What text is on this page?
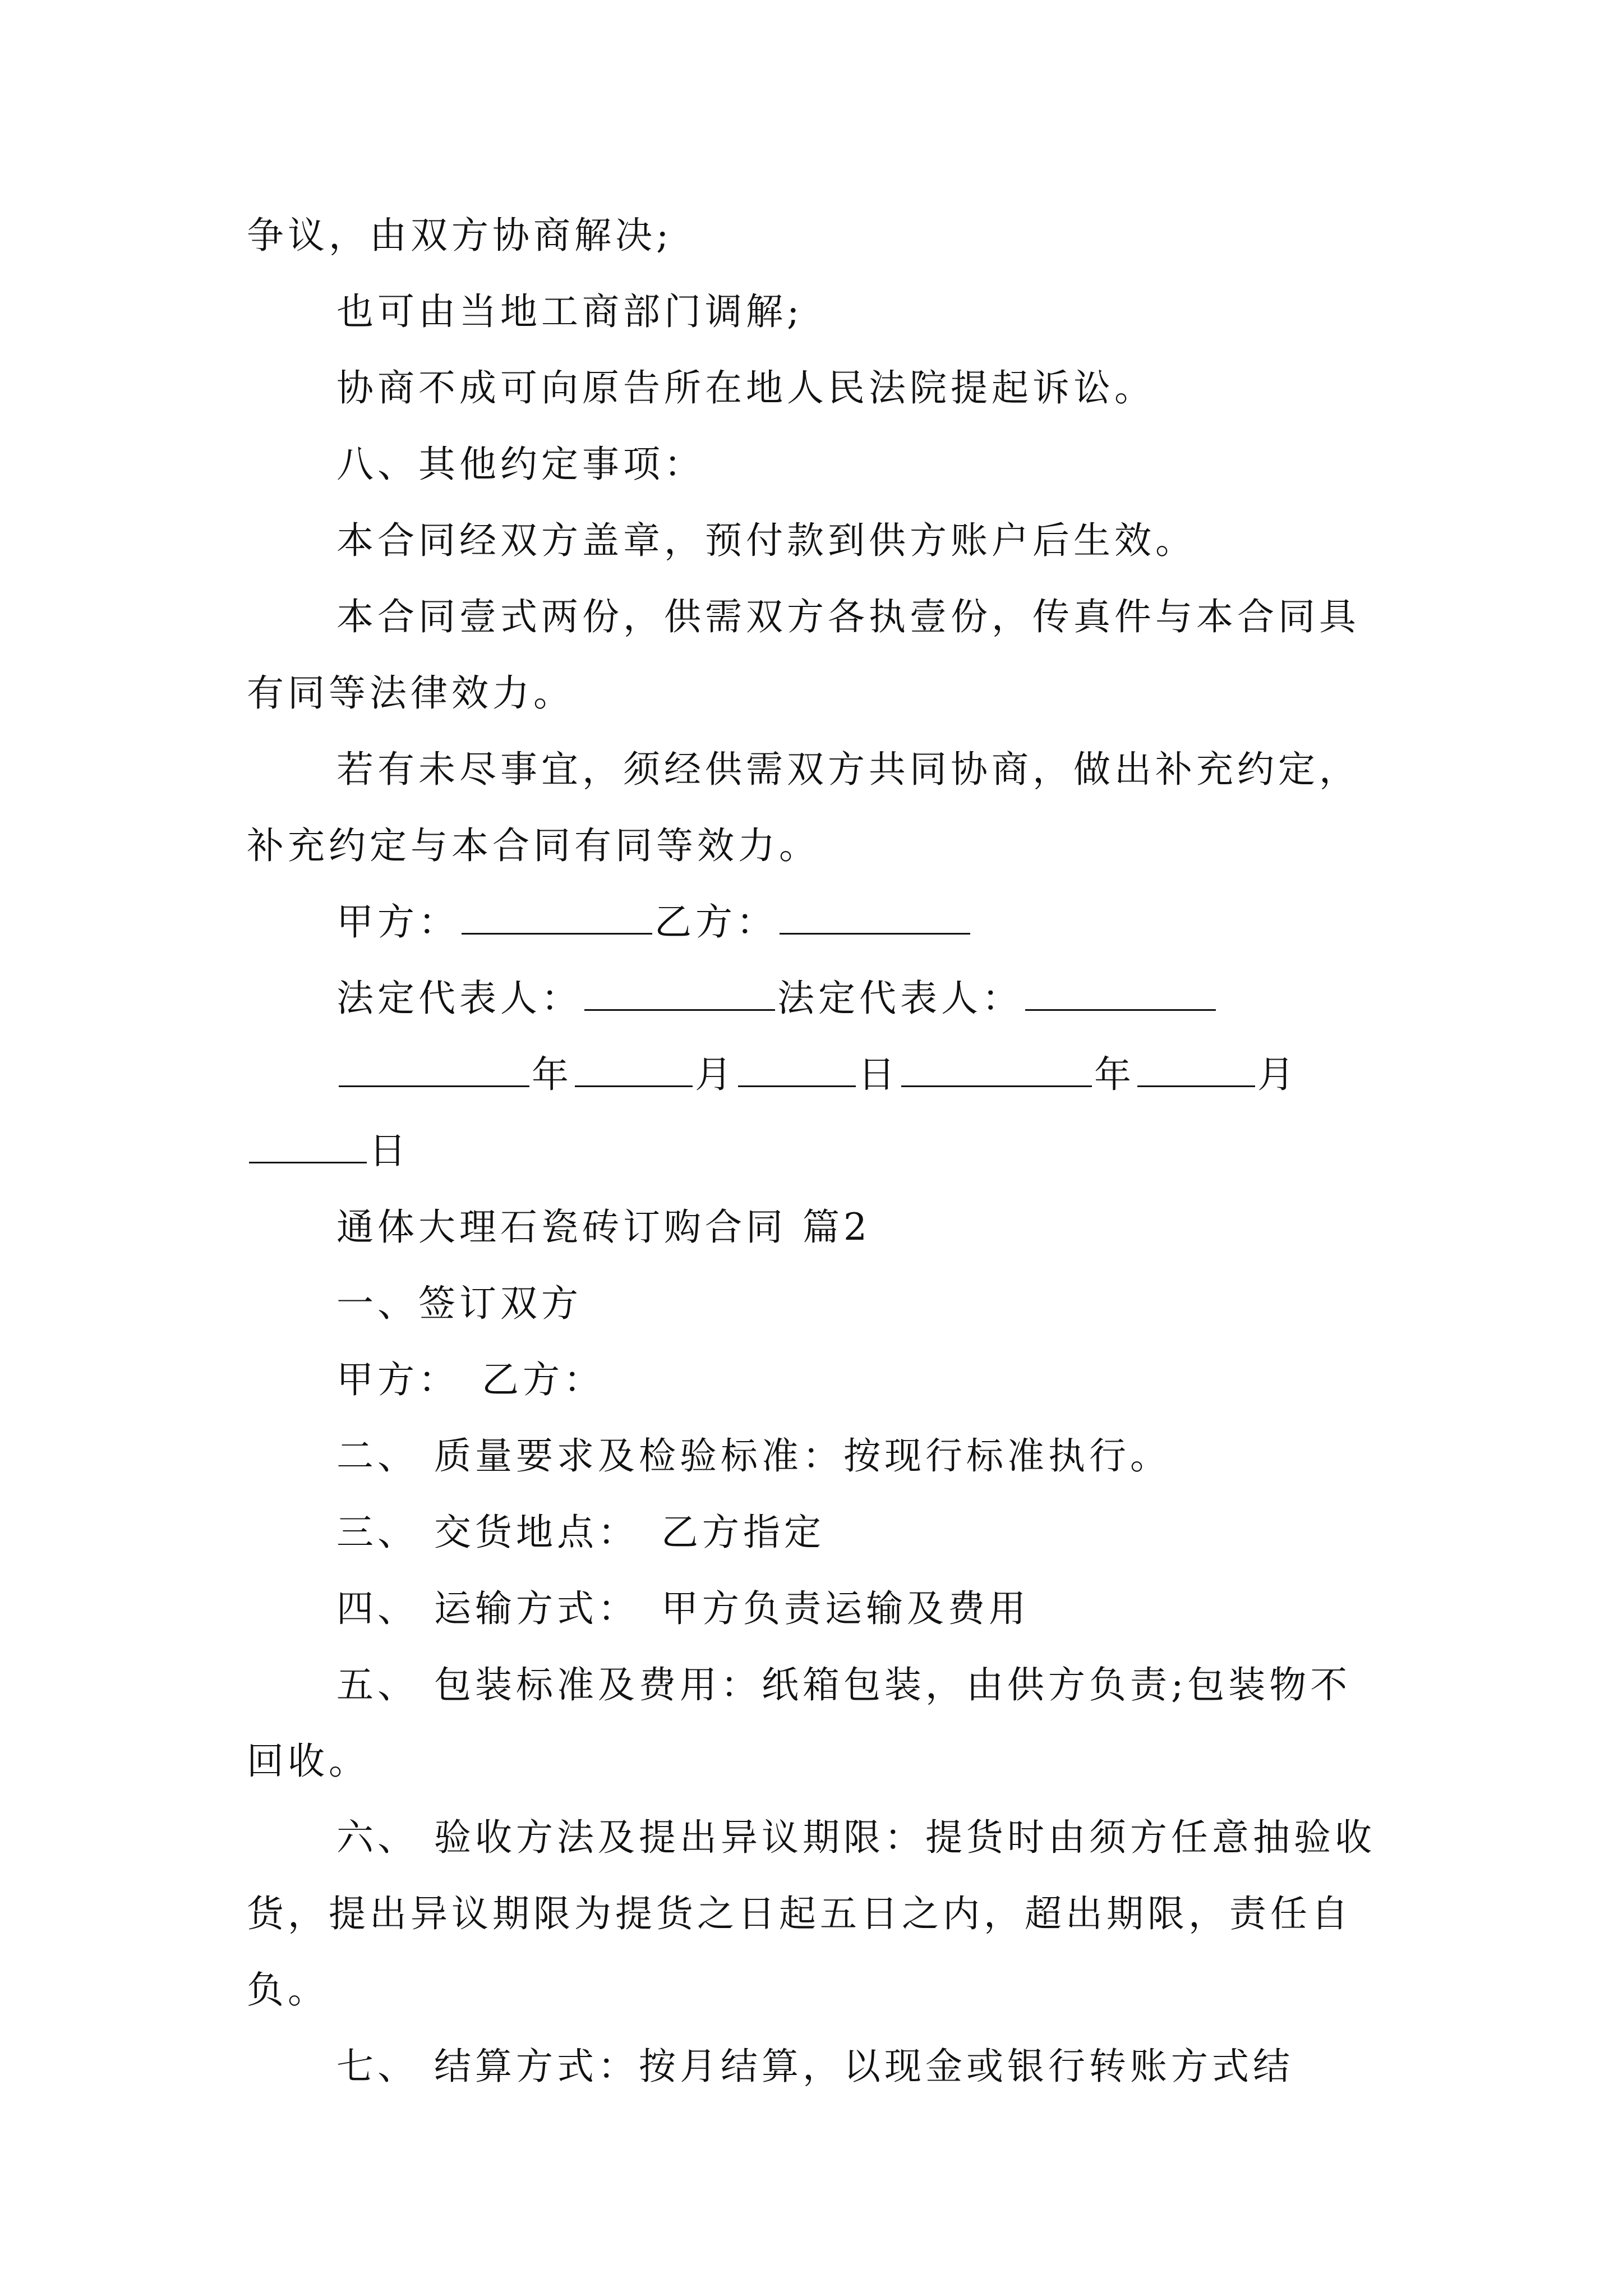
争议，由双方协商解决;

也可由当地工商部门调解;

协商不成可向原告所在地人民法院提起诉讼。

八、其他约定事项：

本合同经双方盖章，预付款到供方账户后生效。

本合同壹式两份，供需双方各执壹份，传真件与本合同具有同等法律效力。

若有未尽事宜，须经供需双方共同协商，做出补充约定，补充约定与本合同有同等效力。

甲方：	乙方：

法定代表人：	法定代表人：

年	月	日	年	月日

通体大理石瓷砖订购合同 篇2

一、签订双方

甲方： 乙方：

二、 质量要求及检验标准：按现行标准执行。

三、 交货地点： 乙方指定

四、 运输方式： 甲方负责运输及费用

五、 包装标准及费用：纸箱包装，由供方负责;包装物不回收。

六、 验收方法及提出异议期限：提货时由须方任意抽验收货，提出异议期限为提货之日起五日之内，超出期限，责任自负。

七、 结算方式：按月结算，以现金或银行转账方式结
